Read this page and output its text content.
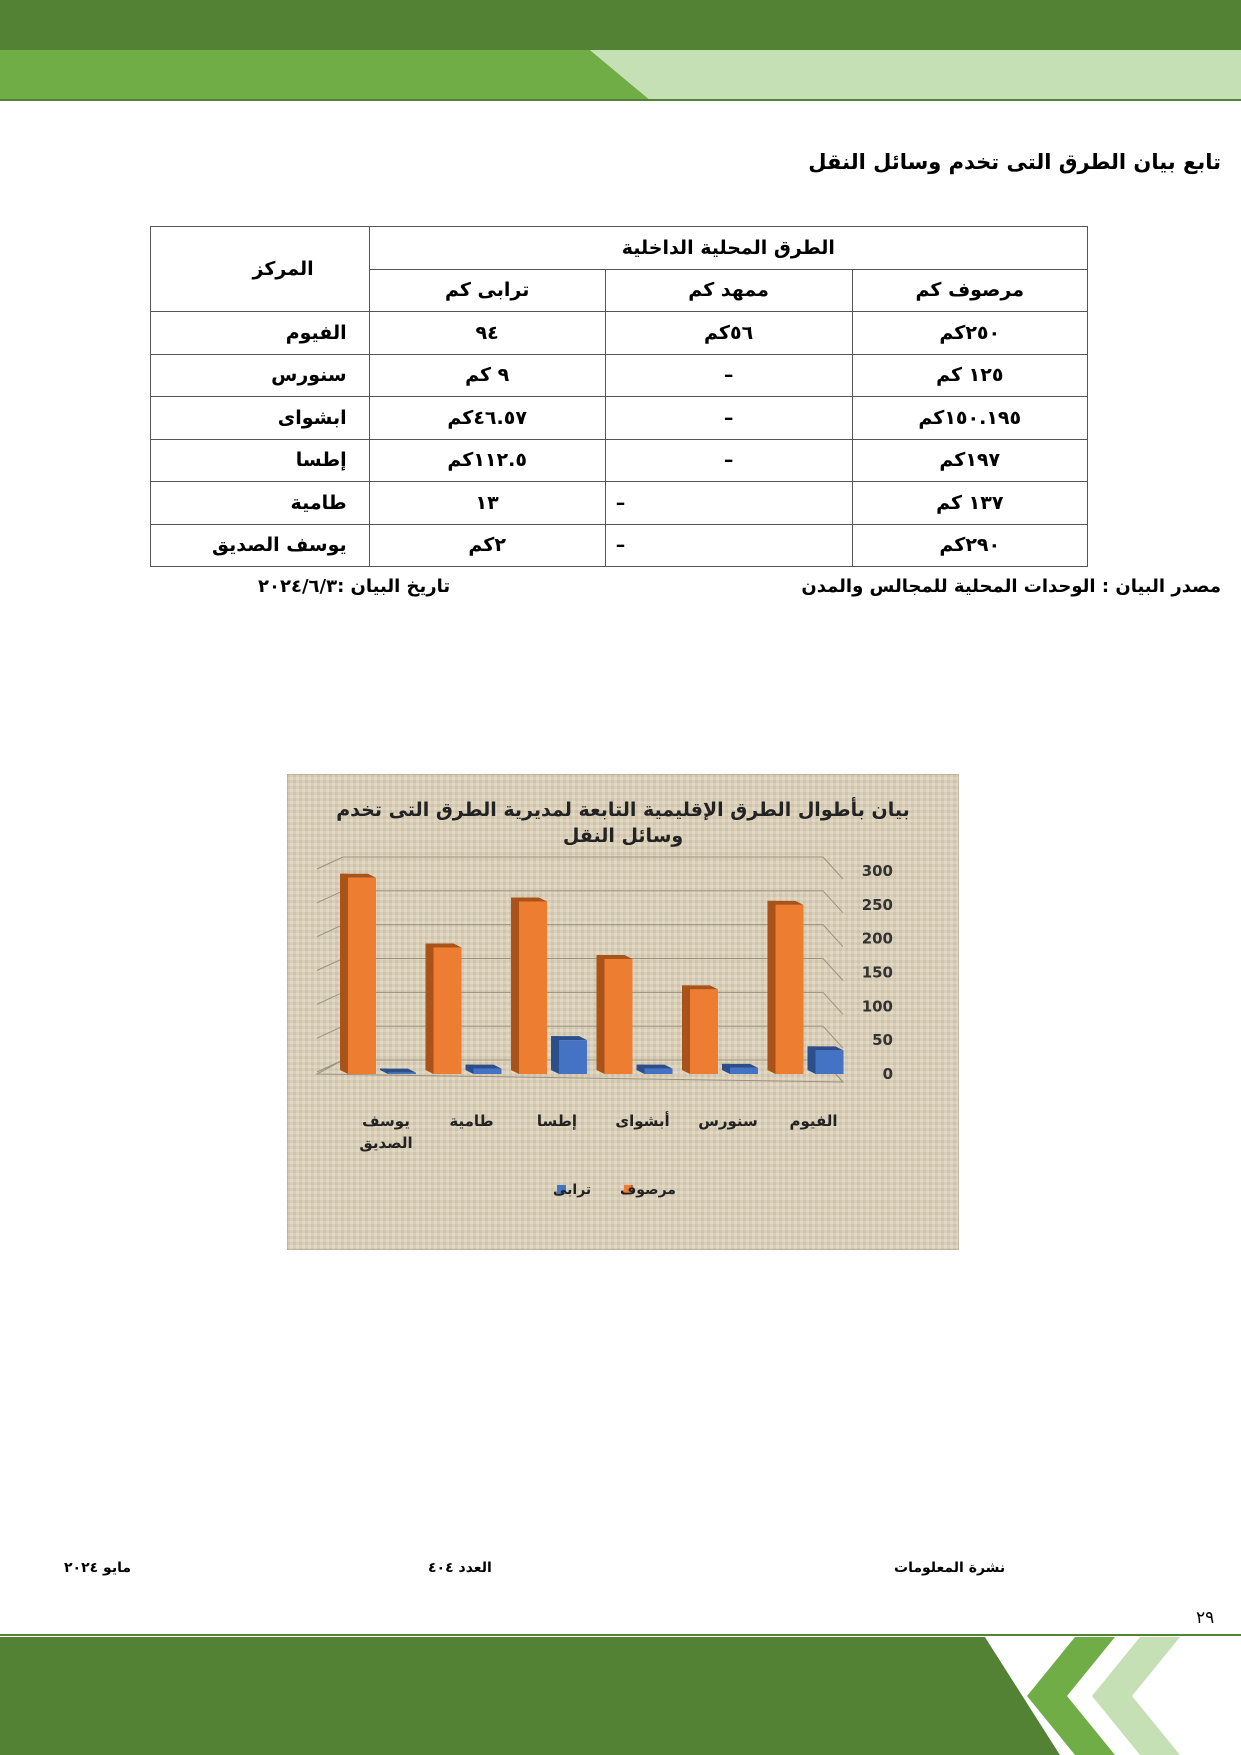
تابع بيان الطرق التى تخدم وسائل النقل
الطرق المحلية الداخلية			المركز
مرصوف كم	ممهد كم	ترابى كم	
٢٥٠كم	٥٦كم	٩٤	الفيوم
١٢٥ كم	–	٩ كم	سنورس
١٥٠.١٩٥كم	–	٤٦.٥٧كم	ابشواى
١٩٧كم	–	١١٢.٥كم	إطسا
١٣٧ كم	–	١٣	طامية
٢٩٠كم	–	٢كم	يوسف الصديق
مصدر البيان : الوحدات المحلية للمجالس والمدن
تاريخ البيان :٢٠٢٤/٦/٣
بيان بأطوال الطرق الإقليمية التابعة لمديرية الطرق التى تخدم
وسائل النقل
0
50
100
150
200
250
300
الفيوم
سنورس
أبشواى
إطسا
طامية
يوسف
الصديق
مرصوف
ترابى
نشرة المعلومات
العدد ٤٠٤
مايو ٢٠٢٤
٢٩
